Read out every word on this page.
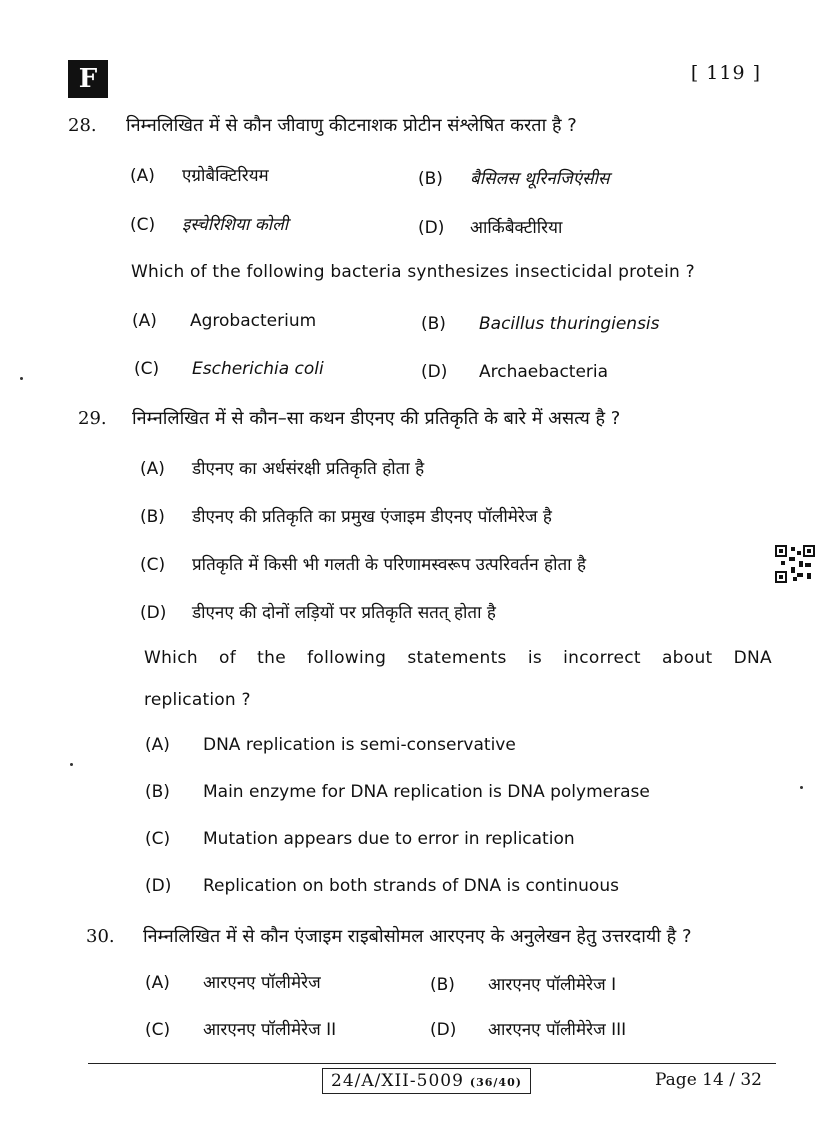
F	[ 119 ]
28. निम्नलिखित में से कौन जीवाणु कीटनाशक प्रोटीन संश्लेषित करता है ?
(A) एग्रोबैक्टिरियम	(B) बैसिलस थूरिनजिएंसीस
(C) इस्चेरिशिया कोली	(D) आर्किबैक्टीरिया
Which of the following bacteria synthesizes insecticidal protein ?
(A) Agrobacterium	(B) Bacillus thuringiensis
(C) Escherichia coli	(D) Archaebacteria
29. निम्नलिखित में से कौन–सा कथन डीएनए की प्रतिकृति के बारे में असत्य है ?
(A) डीएनए का अर्धसंरक्षी प्रतिकृति होता है
(B) डीएनए की प्रतिकृति का प्रमुख एंजाइम डीएनए पॉलीमेरेज है
(C) प्रतिकृति में किसी भी गलती के परिणामस्वरूप उत्परिवर्तन होता है
(D) डीएनए की दोनों लड़ियों पर प्रतिकृति सतत् होता है
Which of the following statements is incorrect about DNA
replication ?
(A) DNA replication is semi-conservative
(B) Main enzyme for DNA replication is DNA polymerase
(C) Mutation appears due to error in replication
(D) Replication on both strands of DNA is continuous
30. निम्नलिखित में से कौन एंजाइम राइबोसोमल आरएनए के अनुलेखन हेतु उत्तरदायी है ?
(A) आरएनए पॉलीमेरेज	(B) आरएनए पॉलीमेरेज I
(C) आरएनए पॉलीमेरेज II	(D) आरएनए पॉलीमेरेज III
24/A/XII-5009 (36/40)	Page 14 / 32
